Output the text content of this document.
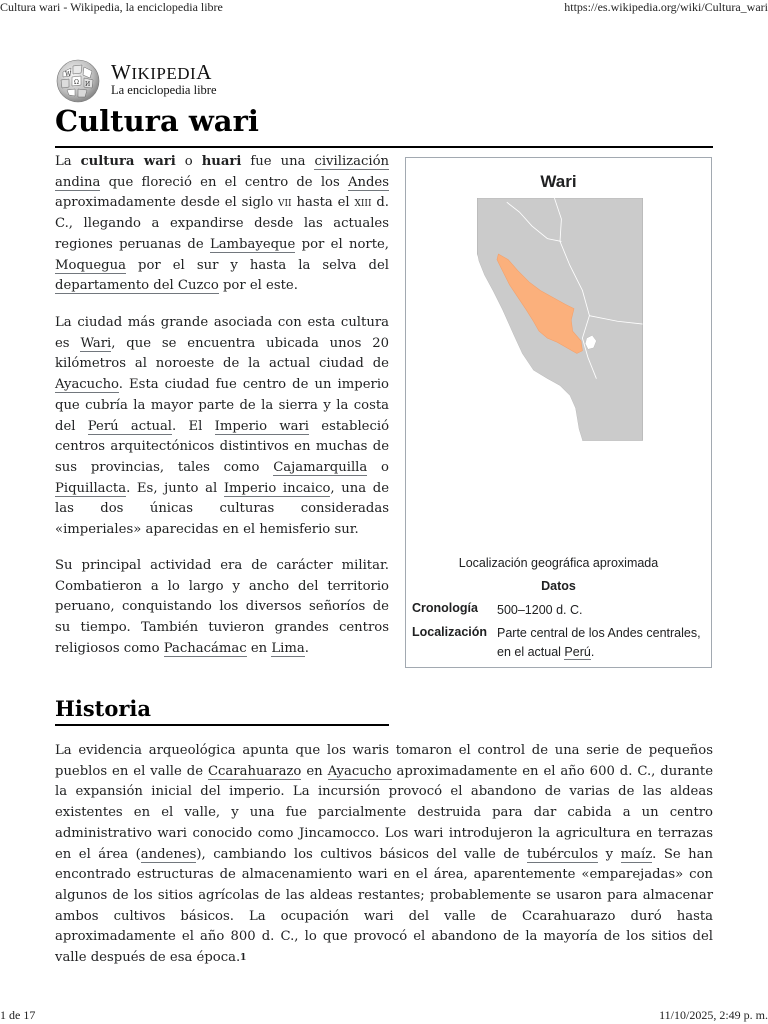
Cultura wari - Wikipedia, la enciclopedia libre	https://es.wikipedia.org/wiki/Cultura_wari
W
Ω И
WIKIPEDIA
La enciclopedia libre
Cultura wari

La cultura wari o huari fue una civilización andina que floreció en el centro de los Andes aproximadamente desde el siglo vii hasta el xiii d. C., llegando a expandirse desde las actuales regiones peruanas de Lambayeque por el norte, Moquegua por el sur y hasta la selva del departamento del Cuzco por el este.

La ciudad más grande asociada con esta cultura es Wari, que se encuentra ubicada unos 20 kilómetros al noroeste de la actual ciudad de Ayacucho. Esta ciudad fue centro de un imperio que cubría la mayor parte de la sierra y la costa del Perú actual. El Imperio wari estableció centros arquitectónicos distintivos en muchas de sus provincias, tales como Cajamarquilla o Piquillacta. Es, junto al Imperio incaico, una de las dos únicas culturas consideradas «imperiales» aparecidas en el hemisferio sur.

Su principal actividad era de carácter militar. Combatieron a lo largo y ancho del territorio peruano, conquistando los diversos señoríos de su tiempo. También tuvieron grandes centros religiosos como Pachacámac en Lima.

Wari
Localización geográfica aproximada
Datos
Cronología 500–1200 d. C.
Localización Parte central de los Andes centrales, en el actual Perú.
Historia
La evidencia arqueológica apunta que los waris tomaron el control de una serie de pequeños pueblos en el valle de Ccarahuarazo en Ayacucho aproximadamente en el año 600 d. C., durante la expansión inicial del imperio. La incursión provocó el abandono de varias de las aldeas existentes en el valle, y una fue parcialmente destruida para dar cabida a un centro administrativo wari conocido como Jincamocco. Los wari introdujeron la agricultura en terrazas en el área (andenes), cambiando los cultivos básicos del valle de tubérculos y maíz. Se han encontrado estructuras de almacenamiento wari en el área, aparentemente «emparejadas» con algunos de los sitios agrícolas de las aldeas restantes; probablemente se usaron para almacenar ambos cultivos básicos. La ocupación wari del valle de Ccarahuarazo duró hasta aproximadamente el año 800 d. C., lo que provocó el abandono de la mayoría de los sitios del valle después de esa época.$^1$
1 de 17	11/10/2025, 2:49 p. m.
